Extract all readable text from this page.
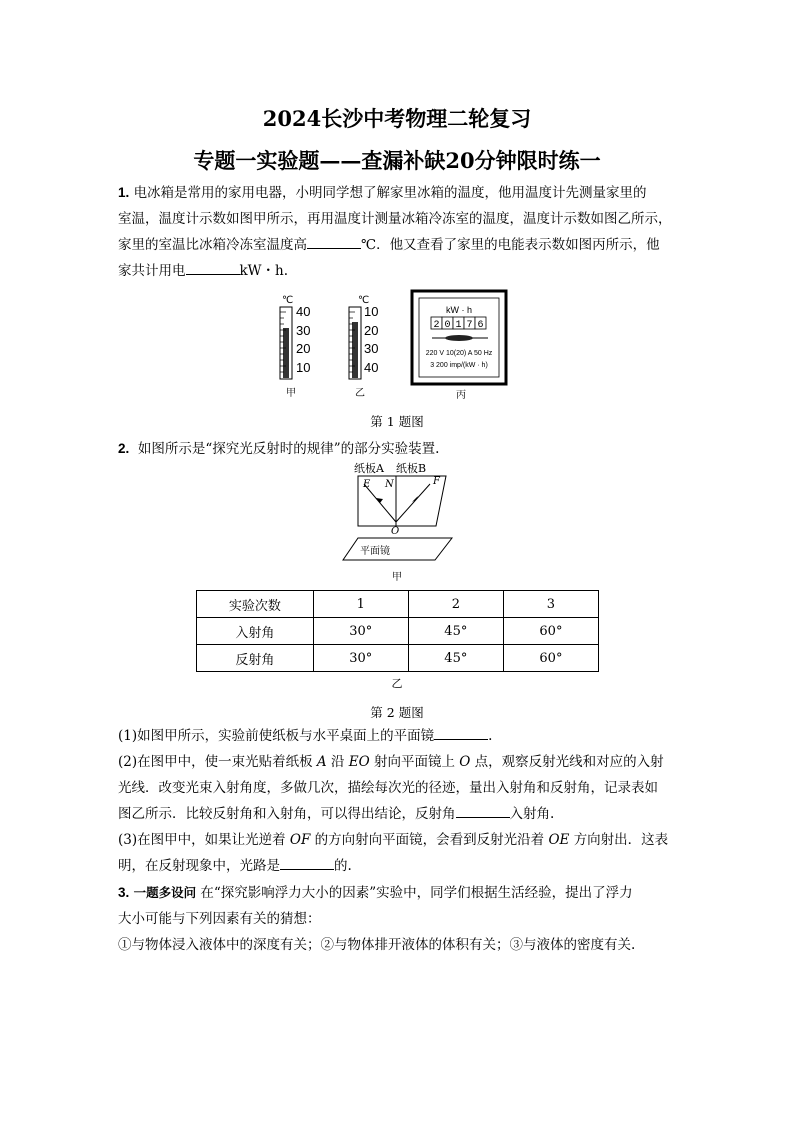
2024长沙中考物理二轮复习
专题一实验题——查漏补缺20分钟限时练一
1. 电冰箱是常用的家用电器，小明同学想了解家里冰箱的温度，他用温度计先测量家里的
室温，温度计示数如图甲所示，再用温度计测量冰箱冷冻室的温度，温度计示数如图乙所示，
家里的室温比冰箱冷冻室温度高	℃．他又查看了家里的电能表示数如图丙所示，他
家共计用电	kW・h.
℃
40
30
20
10
甲
℃
10
20
30
40
乙
kW · h
2 0 1 7 6
220 V 10(20) A 50 Hz
3 200 imp/(kW · h)
丙
第 1 题图
2. 如图所示是“探究光反射时的规律”的部分实验装置.
纸板A 纸板B
E N	F
O
平面镜
甲
实验次数	1	2	3
入射角	30°	45°	60°
反射角	30°	45°	60°
乙
第 2 题图
(1)如图甲所示，实验前使纸板与水平桌面上的平面镜	.
(2)在图甲中，使一束光贴着纸板 A 沿 EO 射向平面镜上 O 点，观察反射光线和对应的入射
光线．改变光束入射角度，多做几次，描绘每次光的径迹，量出入射角和反射角，记录表如
图乙所示．比较反射角和入射角，可以得出结论，反射角	入射角.
(3)在图甲中，如果让光逆着 OF 的方向射向平面镜，会看到反射光沿着 OE 方向射出．这表
明，在反射现象中，光路是	的.
3. 一题多设问 在“探究影响浮力大小的因素”实验中，同学们根据生活经验，提出了浮力
大小可能与下列因素有关的猜想：
①与物体浸入液体中的深度有关；②与物体排开液体的体积有关；③与液体的密度有关.
